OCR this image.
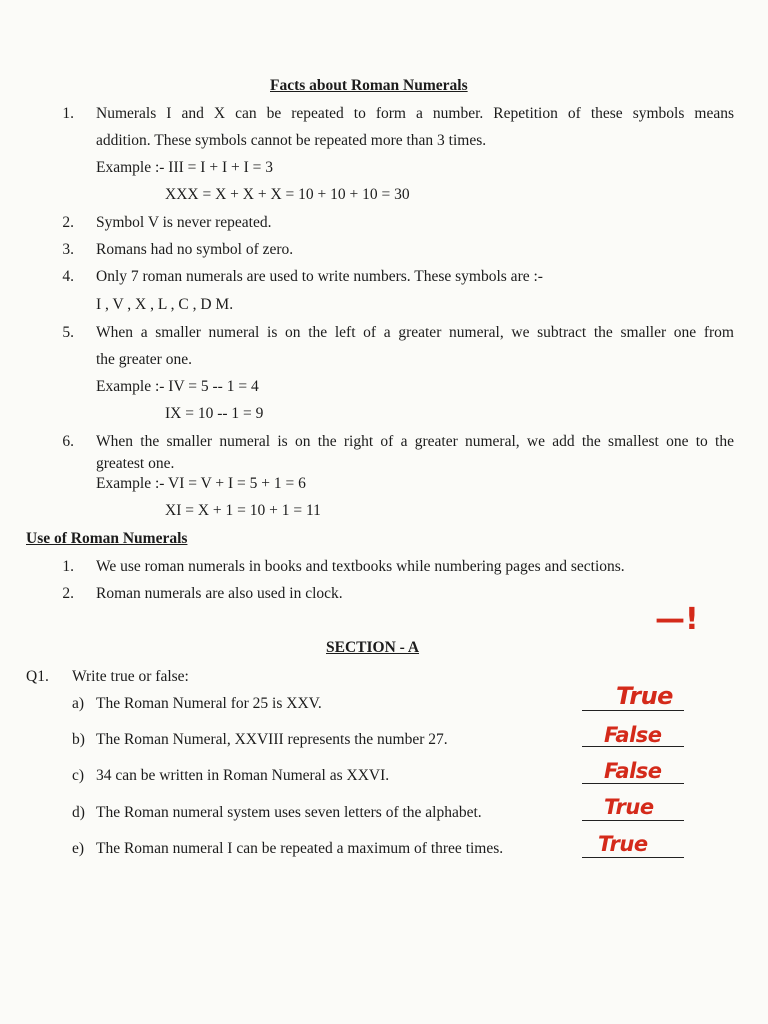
Facts about Roman Numerals
1. Numerals I and X can be repeated to form a number. Repetition of these symbols means
addition. These symbols cannot be repeated more than 3 times.
Example :- III = I + I + I = 3
XXX = X + X + X = 10 + 10 + 10 = 30
2. Symbol V is never repeated.
3. Romans had no symbol of zero.
4. Only 7 roman numerals are used to write numbers. These symbols are :-
I , V , X , L , C , D M.
5. When a smaller numeral is on the left of a greater numeral, we subtract the smaller one from
the greater one.
Example :- IV = 5 -- 1 = 4
IX = 10 -- 1 = 9
6. When the smaller numeral is on the right of a greater numeral, we add the smallest one to the
greatest one.
Example :- VI = V + I = 5 + 1 = 6
XI = X + 1 = 10 + 1 = 11
Use of Roman Numerals
1. We use roman numerals in books and textbooks while numbering pages and sections.
2. Roman numerals are also used in clock.
—!
SECTION - A
Q1. Write true or false:
a) The Roman Numeral for 25 is XXV.	True
b) The Roman Numeral, XXVIII represents the number 27.	False
c) 34 can be written in Roman Numeral as XXVI.	False
d) The Roman numeral system uses seven letters of the alphabet.	True
e) The Roman numeral I can be repeated a maximum of three times.	True
